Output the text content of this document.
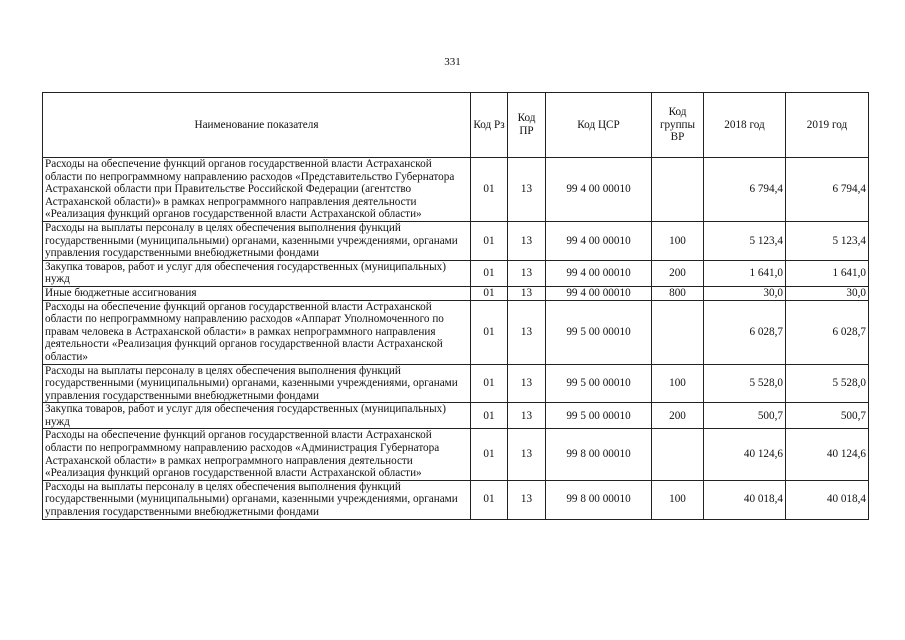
331
Наименование показателя	Код Рз	Код ПР	Код ЦСР	Код группы ВР	2018 год	2019 год
Расходы на обеспечение функций органов государственной власти Астраханской области по непрограммному направлению расходов «Представительство Губернатора Астраханской области при Правительстве Российской Федерации (агентство Астраханской области)» в рамках непрограммного направления деятельности «Реализация функций органов государственной власти Астраханской области»	01	13	99 4 00 00010		6 794,4	6 794,4
Расходы на выплаты персоналу в целях обеспечения выполнения функций государственными (муниципальными) органами, казенными учреждениями, органами управления государственными внебюджетными фондами	01	13	99 4 00 00010	100	5 123,4	5 123,4
Закупка товаров, работ и услуг для обеспечения государственных (муниципальных) нужд	01	13	99 4 00 00010	200	1 641,0	1 641,0
Иные бюджетные ассигнования	01	13	99 4 00 00010	800	30,0	30,0
Расходы на обеспечение функций органов государственной власти Астраханской области по непрограммному направлению расходов «Аппарат Уполномоченного по правам человека в Астраханской области» в рамках непрограммного направления деятельности «Реализация функций органов государственной власти Астраханской области»	01	13	99 5 00 00010		6 028,7	6 028,7
Расходы на выплаты персоналу в целях обеспечения выполнения функций государственными (муниципальными) органами, казенными учреждениями, органами управления государственными внебюджетными фондами	01	13	99 5 00 00010	100	5 528,0	5 528,0
Закупка товаров, работ и услуг для обеспечения государственных (муниципальных) нужд	01	13	99 5 00 00010	200	500,7	500,7
Расходы на обеспечение функций органов государственной власти Астраханской области по непрограммному направлению расходов «Администрация Губернатора Астраханской области» в рамках непрограммного направления деятельности «Реализация функций органов государственной власти Астраханской области»	01	13	99 8 00 00010		40 124,6	40 124,6
Расходы на выплаты персоналу в целях обеспечения выполнения функций государственными (муниципальными) органами, казенными учреждениями, органами управления государственными внебюджетными фондами	01	13	99 8 00 00010	100	40 018,4	40 018,4
